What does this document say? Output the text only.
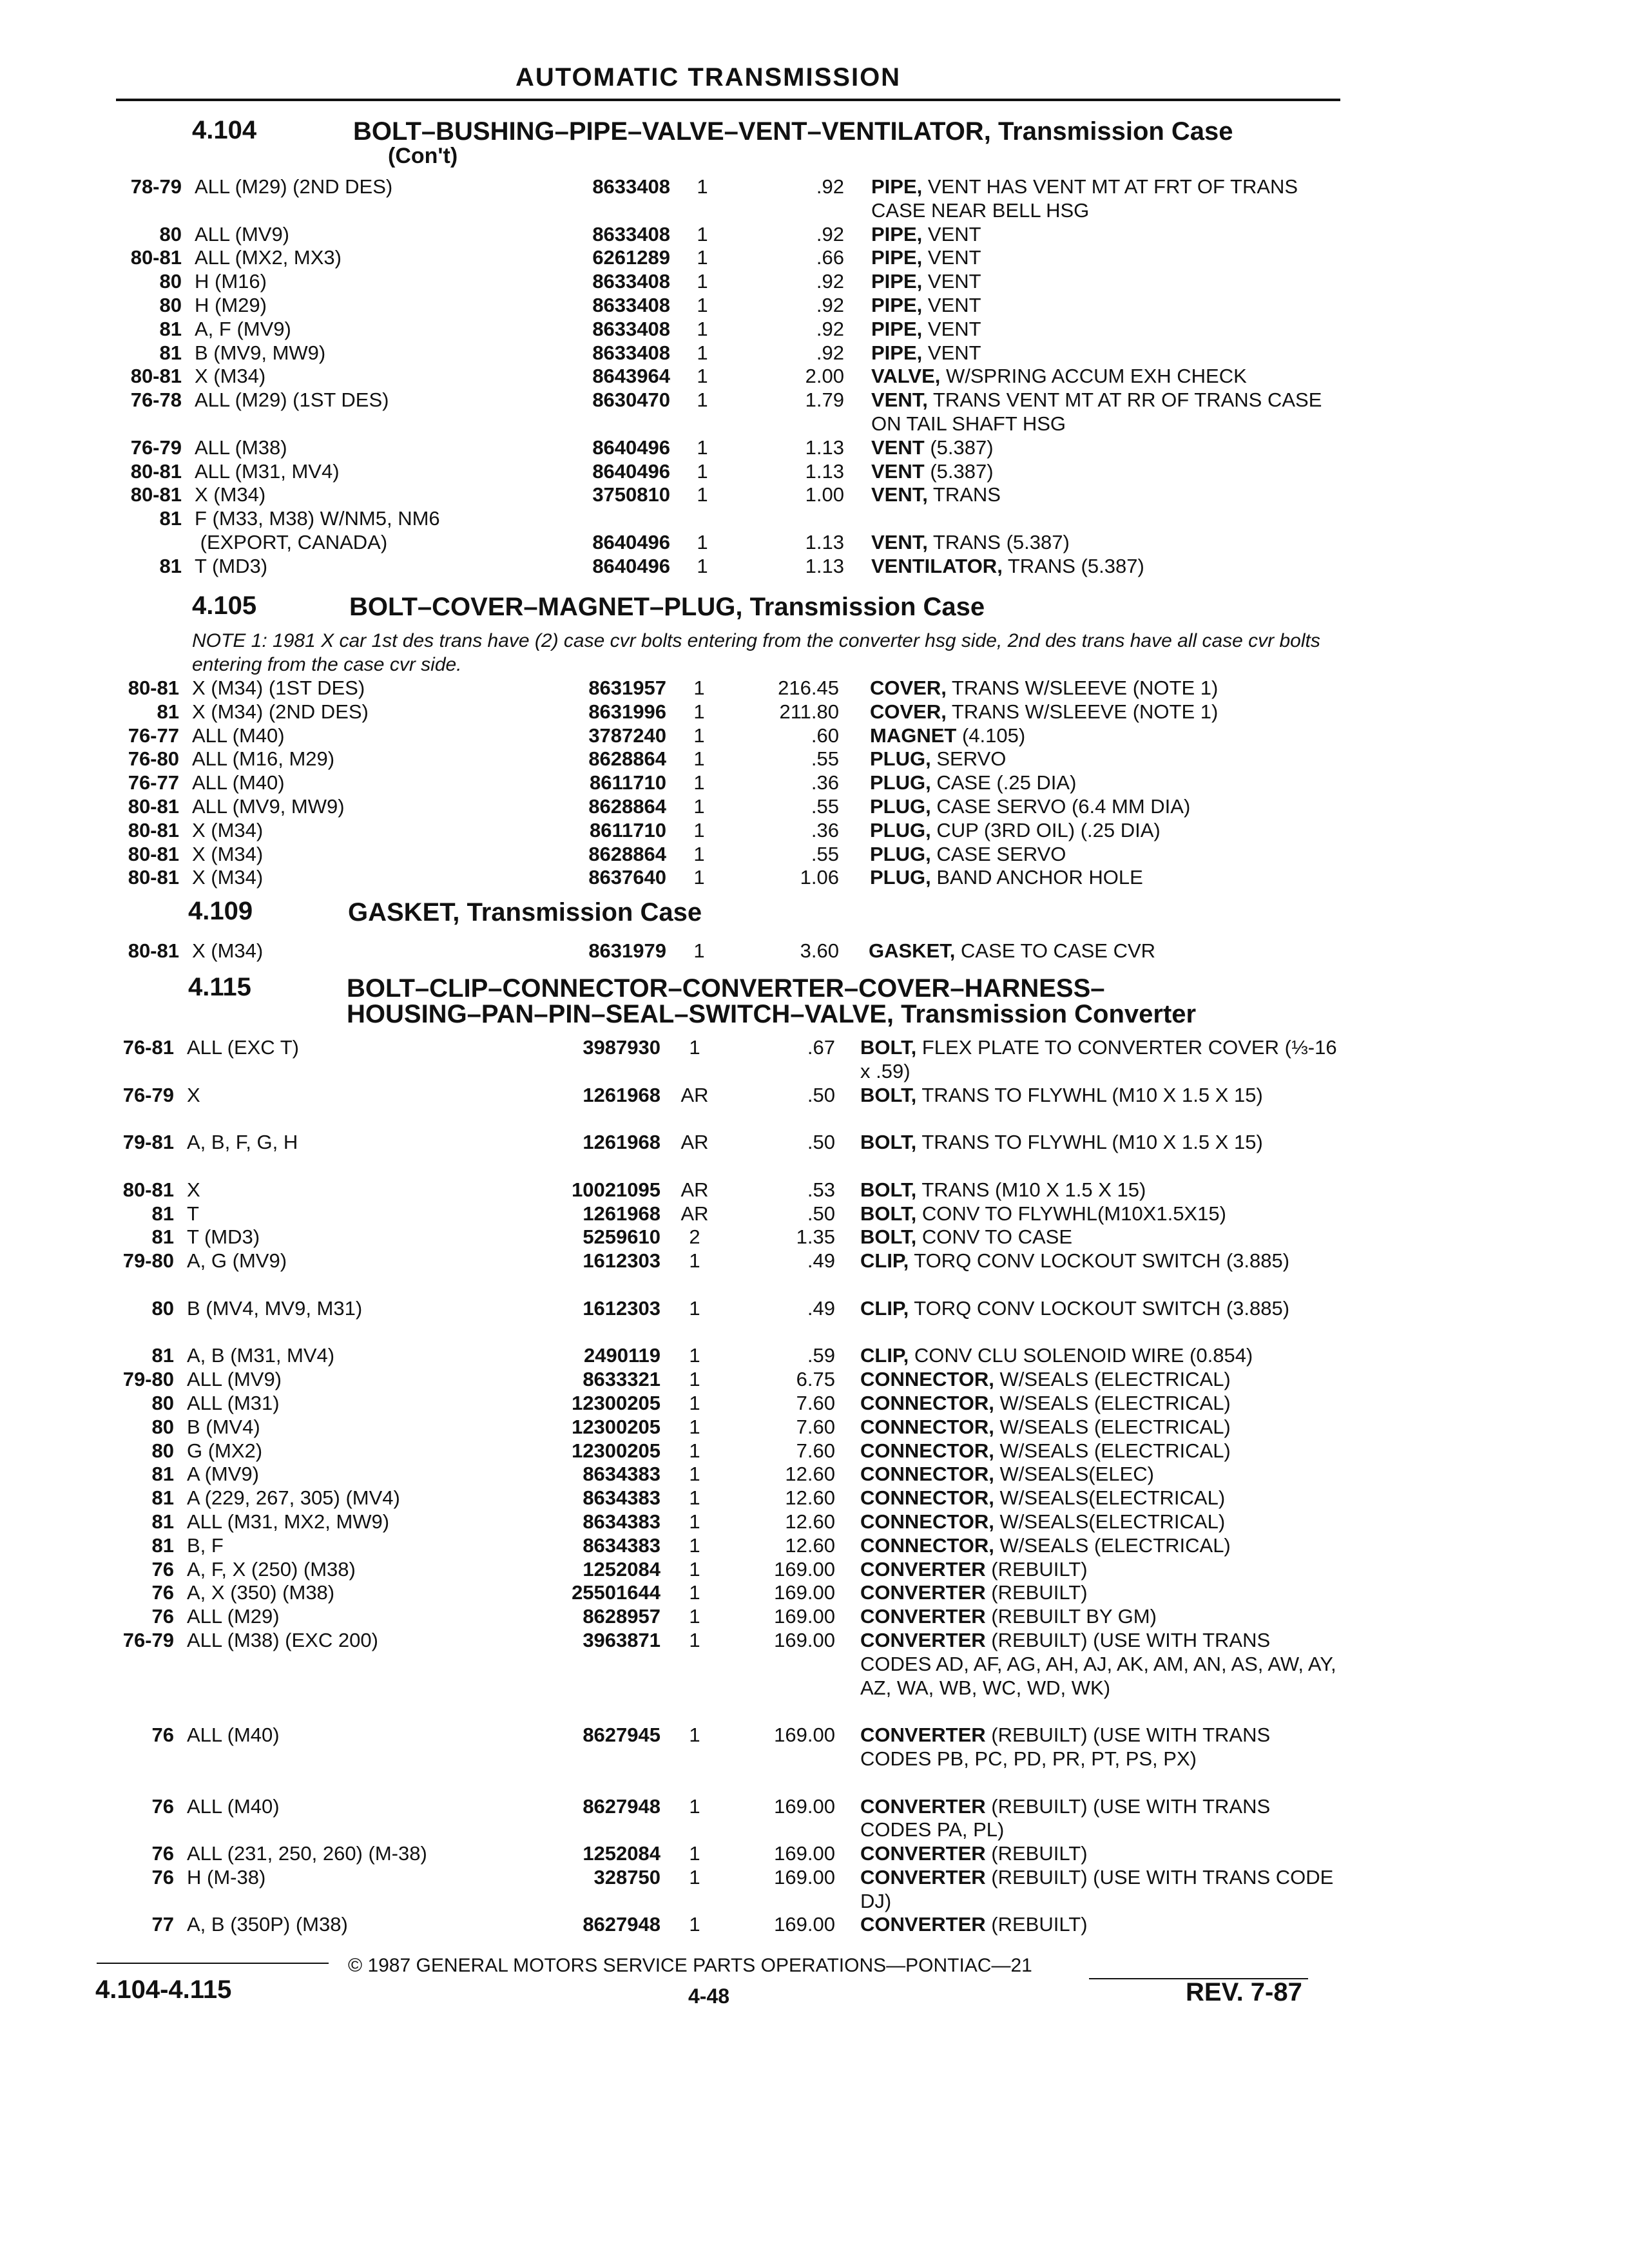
AUTOMATIC TRANSMISSION
4.104	BOLT–BUSHING–PIPE–VALVE–VENT–VENTILATOR, Transmission Case
(Con't)
78-79 ALL (M29) (2ND DES)	8633408	1	.92 PIPE, VENT HAS VENT MT AT FRT OF TRANS CASE NEAR BELL HSG
80 ALL (MV9)	8633408	1	.92 PIPE, VENT
80-81 ALL (MX2, MX3)	6261289	1	.66 PIPE, VENT
80 H (M16)	8633408	1	.92 PIPE, VENT
80 H (M29)	8633408	1	.92 PIPE, VENT
81 A, F (MV9)	8633408	1	.92 PIPE, VENT
81 B (MV9, MW9)	8633408	1	.92 PIPE, VENT
80-81 X (M34)	8643964	1	2.00 VALVE, W/SPRING ACCUM EXH CHECK
76-78 ALL (M29) (1ST DES)	8630470	1	1.79 VENT, TRANS VENT MT AT RR OF TRANS CASE ON TAIL SHAFT HSG
76-79 ALL (M38)	8640496	1	1.13 VENT (5.387)
80-81 ALL (M31, MV4)	8640496	1	1.13 VENT (5.387)
80-81 X (M34)	3750810	1	1.00 VENT, TRANS
81 F (M33, M38) W/NM5, NM6
(EXPORT, CANADA)	8640496	1	1.13 VENT, TRANS (5.387)
81 T (MD3)	8640496	1	1.13 VENTILATOR, TRANS (5.387)
4.105	BOLT–COVER–MAGNET–PLUG, Transmission Case
NOTE 1: 1981 X car 1st des trans have (2) case cvr bolts entering from the converter hsg side, 2nd des trans have all case cvr bolts entering from the case cvr side.
80-81 X (M34) (1ST DES)	8631957	1	216.45 COVER, TRANS W/SLEEVE (NOTE 1)
81 X (M34) (2ND DES)	8631996	1	211.80 COVER, TRANS W/SLEEVE (NOTE 1)
76-77 ALL (M40)	3787240	1	.60 MAGNET (4.105)
76-80 ALL (M16, M29)	8628864	1	.55 PLUG, SERVO
76-77 ALL (M40)	8611710	1	.36 PLUG, CASE (.25 DIA)
80-81 ALL (MV9, MW9)	8628864	1	.55 PLUG, CASE SERVO (6.4 MM DIA)
80-81 X (M34)	8611710	1	.36 PLUG, CUP (3RD OIL) (.25 DIA)
80-81 X (M34)	8628864	1	.55 PLUG, CASE SERVO
80-81 X (M34)	8637640	1	1.06 PLUG, BAND ANCHOR HOLE
4.109	GASKET, Transmission Case
80-81 X (M34)	8631979	1	3.60 GASKET, CASE TO CASE CVR
4.115	BOLT–CLIP–CONNECTOR–CONVERTER–COVER–HARNESS–
HOUSING–PAN–PIN–SEAL–SWITCH–VALVE, Transmission Converter
76-81 ALL (EXC T)	3987930	1	.67 BOLT, FLEX PLATE TO CONVERTER COVER (⅓-16 x .59)
76-79 X	1261968 AR	.50 BOLT, TRANS TO FLYWHL (M10 X 1.5 X 15)
79-81 A, B, F, G, H	1261968 AR	.50 BOLT, TRANS TO FLYWHL (M10 X 1.5 X 15)
80-81 X	10021095 AR	.53 BOLT, TRANS (M10 X 1.5 X 15)
81 T	1261968 AR	.50 BOLT, CONV TO FLYWHL(M10X1.5X15)
81 T (MD3)	5259610	2	1.35 BOLT, CONV TO CASE
79-80 A, G (MV9)	1612303	1	.49 CLIP, TORQ CONV LOCKOUT SWITCH (3.885)
80 B (MV4, MV9, M31)	1612303	1	.49 CLIP, TORQ CONV LOCKOUT SWITCH (3.885)
81 A, B (M31, MV4)	2490119	1	.59 CLIP, CONV CLU SOLENOID WIRE (0.854)
79-80 ALL (MV9)	8633321	1	6.75 CONNECTOR, W/SEALS (ELECTRICAL)
80 ALL (M31)	12300205	1	7.60 CONNECTOR, W/SEALS (ELECTRICAL)
80 B (MV4)	12300205	1	7.60 CONNECTOR, W/SEALS (ELECTRICAL)
80 G (MX2)	12300205	1	7.60 CONNECTOR, W/SEALS (ELECTRICAL)
81 A (MV9)	8634383	1	12.60 CONNECTOR, W/SEALS(ELEC)
81 A (229, 267, 305) (MV4)	8634383	1	12.60 CONNECTOR, W/SEALS(ELECTRICAL)
81 ALL (M31, MX2, MW9)	8634383	1	12.60 CONNECTOR, W/SEALS(ELECTRICAL)
81 B, F	8634383	1	12.60 CONNECTOR, W/SEALS (ELECTRICAL)
76 A, F, X (250) (M38)	1252084	1	169.00 CONVERTER (REBUILT)
76 A, X (350) (M38)	25501644	1	169.00 CONVERTER (REBUILT)
76 ALL (M29)	8628957	1	169.00 CONVERTER (REBUILT BY GM)
76-79 ALL (M38) (EXC 200)	3963871	1	169.00 CONVERTER (REBUILT) (USE WITH TRANS CODES AD, AF, AG, AH, AJ, AK, AM, AN, AS, AW, AY, AZ, WA, WB, WC, WD, WK)
76 ALL (M40)	8627945	1	169.00 CONVERTER (REBUILT) (USE WITH TRANS CODES PB, PC, PD, PR, PT, PS, PX)
76 ALL (M40)	8627948	1	169.00 CONVERTER (REBUILT) (USE WITH TRANS CODES PA, PL)
76 ALL (231, 250, 260) (M-38)	1252084	1	169.00 CONVERTER (REBUILT)
76 H (M-38)	328750	1	169.00 CONVERTER (REBUILT) (USE WITH TRANS CODE DJ)
77 A, B (350P) (M38)	8627948	1	169.00 CONVERTER (REBUILT)
© 1987 GENERAL MOTORS SERVICE PARTS OPERATIONS—PONTIAC—21
4.104-4.115	4-48	REV. 7-87
